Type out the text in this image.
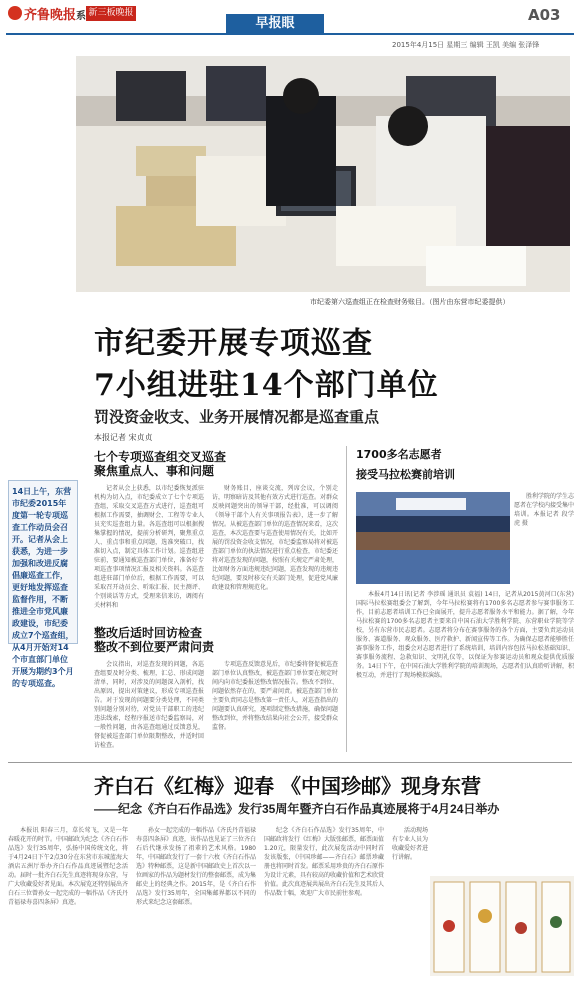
齐鲁晚报系 新三板晚报
早报眼	A03
2015年4月15日 星期三 编辑 王凯 美编 张泽锋
市纪委第六巡查组正在检查财务账目。（图片由东营市纪委提供）
市纪委开展专项巡查
7小组进驻14个部门单位
罚没资金收支、业务开展情况都是巡查重点
本报记者 宋贞贞
14日上午，东营市纪委2015年度第一轮专项巡查工作动员会召开。记者从会上获悉，为进一步加强和改进反腐倡廉巡查工作，更好地发挥巡查监督作用，不断推进全市党风廉政建设，市纪委成立7个巡查组，从4月开始对14个市直部门单位开展为期约3个月的专项巡查。
七个专项巡查组交叉巡查
聚焦重点人、事和问题

记者从会上获悉，以市纪委恢复派驻机构为切入点，市纪委成立了七个专项巡查组，采取交叉巡查方式进行，巡查组可根据工作需要，抽调财会、工程等专业人员充实巡查组力量。各巡查组可以根据搜集掌握的情况，提前分析研判，聚焦重点人、重点事和重点问题，选准突破口，找准切入点，制定具体工作计划。巡查组进驻前，要通知被巡查部门单位，准备好专项巡查事项情况汇报及相关资料。各巡查组进驻部门单位后，根据工作需要，可以采取召开动员会、听取汇报、民主测评、个别谈话等方式，受理来信来访，调阅有关材料和

财务账目，座谈交流，列席会议，个别走访，明察暗访及其他有效方式进行巡查。对群众反映问题突出的领导干部，经批准，可以调阅《领导干部个人有关事项报告表》，进一步了解情况。从被巡查部门单位的巡查情况来看，这次巡查，本次巡查要与巡查使用情况有关，比如开展的罚没资金收支情况，市纪委监察局将对被巡查部门单位的执法情况进行重点检查，市纪委还将对巡查发现的问题，按照有关规定严肃处理，比如财务方面违规违纪问题，巡查发现的违规违纪问题，要及时移交有关部门处理，促进党风廉政建设和管理规范化。

整改后适时回访检查
整改不到位要严肃问责

会议指出，对巡查发现的问题，各巡查组要及时分类、梳理，汇总、形成问题清单，同时，对涉及的问题深入剖析，找出原因，提出对策建议，形成专项巡查报告。对于发现的问题要分类处理，不同类别问题分别对待，对党员干部职工的违纪违法线索，经程序报送市纪委监察局，对一般性问题，由各巡查组通过反馈意见，督促被巡查部门单位限期整改，并适时回访检查。

专项巡查反馈意见后，市纪委将督促被巡查部门单位认真整改，被巡查部门单位要在规定时间内向市纪委报送整改情况报告。整改不到位、问题依然存在的，要严肃问责。被巡查部门单位主要负责同志是整改第一责任人，对巡查指出的问题要认真研究，逐项制定整改措施，确保问题整改到位，并将整改结果向社会公开，接受群众监督。

1700多名志愿者
接受马拉松赛前培训

胜利学院的学生志愿者在学校内接受集中培训。本报记者 段学虎 摄

本报4月14日讯(记者 李涉瑶 通讯员 袁福) 14日，记者从2015黄河口(东营)国际马拉松赛组委会了解到，今年马拉松赛将有1700多名志愿者参与赛事服务工作，目前志愿者培训工作已全面展开，提升志愿者服务水平和能力。据了解，今年马拉松赛的1700多名志愿者主要来自中国石油大学胜利学院、东营职业学院等学校，另有东营市民志愿者。志愿者将分布在赛事服务的各个方面，主要负责运动员服务、赛道服务、观众服务、医疗救护、新闻宣传等工作。为确保志愿者能够胜任赛事服务工作，组委会对志愿者进行了系统培训，培训内容包括马拉松基础知识、赛事服务流程、急救知识、文明礼仪等，以保证为参赛运动员和观众提供优质服务。14日下午，在中国石油大学胜利学院的培训现场，志愿者们认真聆听讲解，积极互动，并进行了现场模拟演练。

齐白石《红梅》迎春 《中国珍邮》现身东营
——纪念《齐白石作品选》发行35周年暨齐白石作品真迹展将于4月24日举办

本报讯 阳春三月，草长莺飞，又是一年春暖花开的时节。中国邮政为纪念《齐白石作品选》发行35周年，弘扬中国传统文化，将于4月24日下午2点30分在东营市东城蓝海大酒店五洲厅举办齐白石作品真迹展暨纪念活动。届时一批齐白石先生真迹将现身东营，与广大收藏爱好者见面。本次展览还特别展出齐白石三位曾孙女一起完成的一幅作品《齐氏丹青福禄寿喜四条屏》真迹。

孙女一起完成的一幅作品《齐氏丹青福禄寿喜四条屏》真迹，该作品也见证了三位齐白石后代继承发扬了祖辈的艺术风格。1980年，中国邮政发行了一套十六枚《齐白石作品选》特种邮票，这是新中国邮政史上首次以一位画家的作品为题材发行的整套邮票，成为集邮史上的经典之作。2015年，是《齐白石作品选》发行35周年，全国集邮界都以不同的形式来纪念这套邮票。

纪念《齐白石作品选》发行35周年，中国邮政将发行《红梅》大版张邮票，邮票面值1.20元，限量发行，此次展览活动中同时首发该版张，《中国珍邮——齐白石》邮票珍藏册也将同时首发。邮票采用珍贵的齐白石原作为设计元素，具有较高的收藏价值和艺术欣赏价值。此次真迹展共展出齐白石先生及其后人作品数十幅，欢迎广大市民前往参观。

活动现场有专业人员为收藏爱好者进行讲解。
